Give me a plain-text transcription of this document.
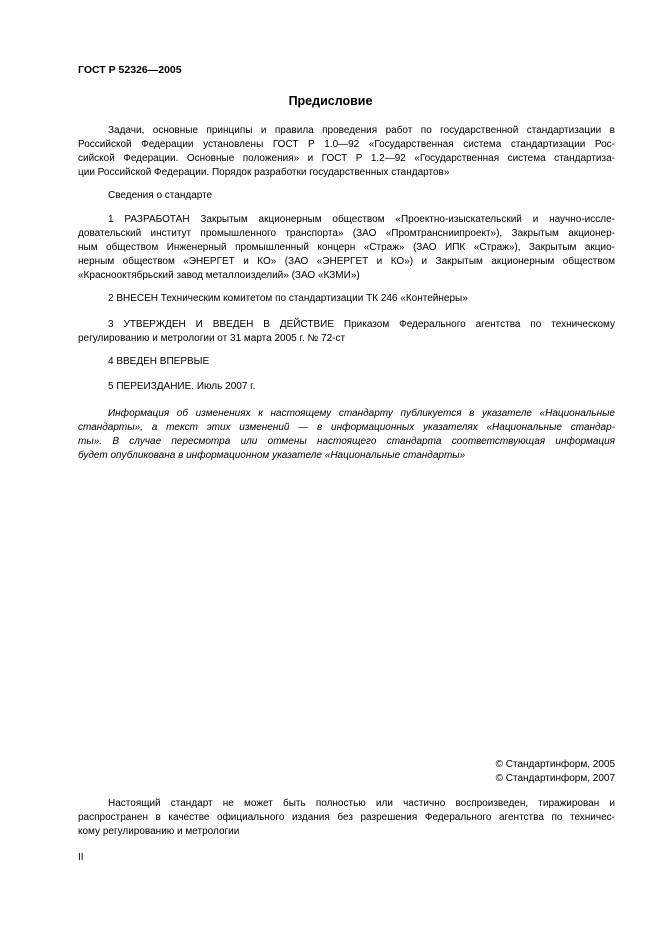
ГОСТ Р 52326—2005
Предисловие
Задачи, основные принципы и правила проведения работ по государственной стандартизации в
Российской Федерации установлены ГОСТ Р 1.0—92 «Государственная система стандартизации Рос-
сийской Федерации. Основные положения» и ГОСТ Р 1.2—92 «Государственная система стандартиза-
ции Российской Федерации. Порядок разработки государственных стандартов»
Сведения о стандарте
1 РАЗРАБОТАН Закрытым акционерным обществом «Проектно-изыскательский и научно-иссле-
довательский институт промышленного транспорта» (ЗАО «Промтрансниипроект»), Закрытым акционер-
ным обществом Инженерный промышленный концерн «Страж» (ЗАО ИПК «Страж»), Закрытым акцио-
нерным обществом «ЭНЕРГЕТ и КО» (ЗАО «ЭНЕРГЕТ и КО») и Закрытым акционерным обществом
«Краснооктябрьский завод металлоизделий» (ЗАО «КЗМИ»)
2 ВНЕСЕН Техническим комитетом по стандартизации ТК 246 «Контейнеры»
3 УТВЕРЖДЕН И ВВЕДЕН В ДЕЙСТВИЕ Приказом Федерального агентства по техническому
регулированию и метрологии от 31 марта 2005 г. № 72-ст
4 ВВЕДЕН ВПЕРВЫЕ
5 ПЕРЕИЗДАНИЕ. Июль 2007 г.
Информация об изменениях к настоящему стандарту публикуется в указателе «Национальные
стандарты», а текст этих изменений — в информационных указателях «Национальные стандар-
ты». В случае пересмотра или отмены настоящего стандарта соответствующая информация
будет опубликована в информационном указателе «Национальные стандарты»
© Стандартинформ, 2005
© Стандартинформ, 2007
Настоящий стандарт не может быть полностью или частично воспроизведен, тиражирован и
распространен в качестве официального издания без разрешения Федерального агентства по техничес-
кому регулированию и метрологии
II
